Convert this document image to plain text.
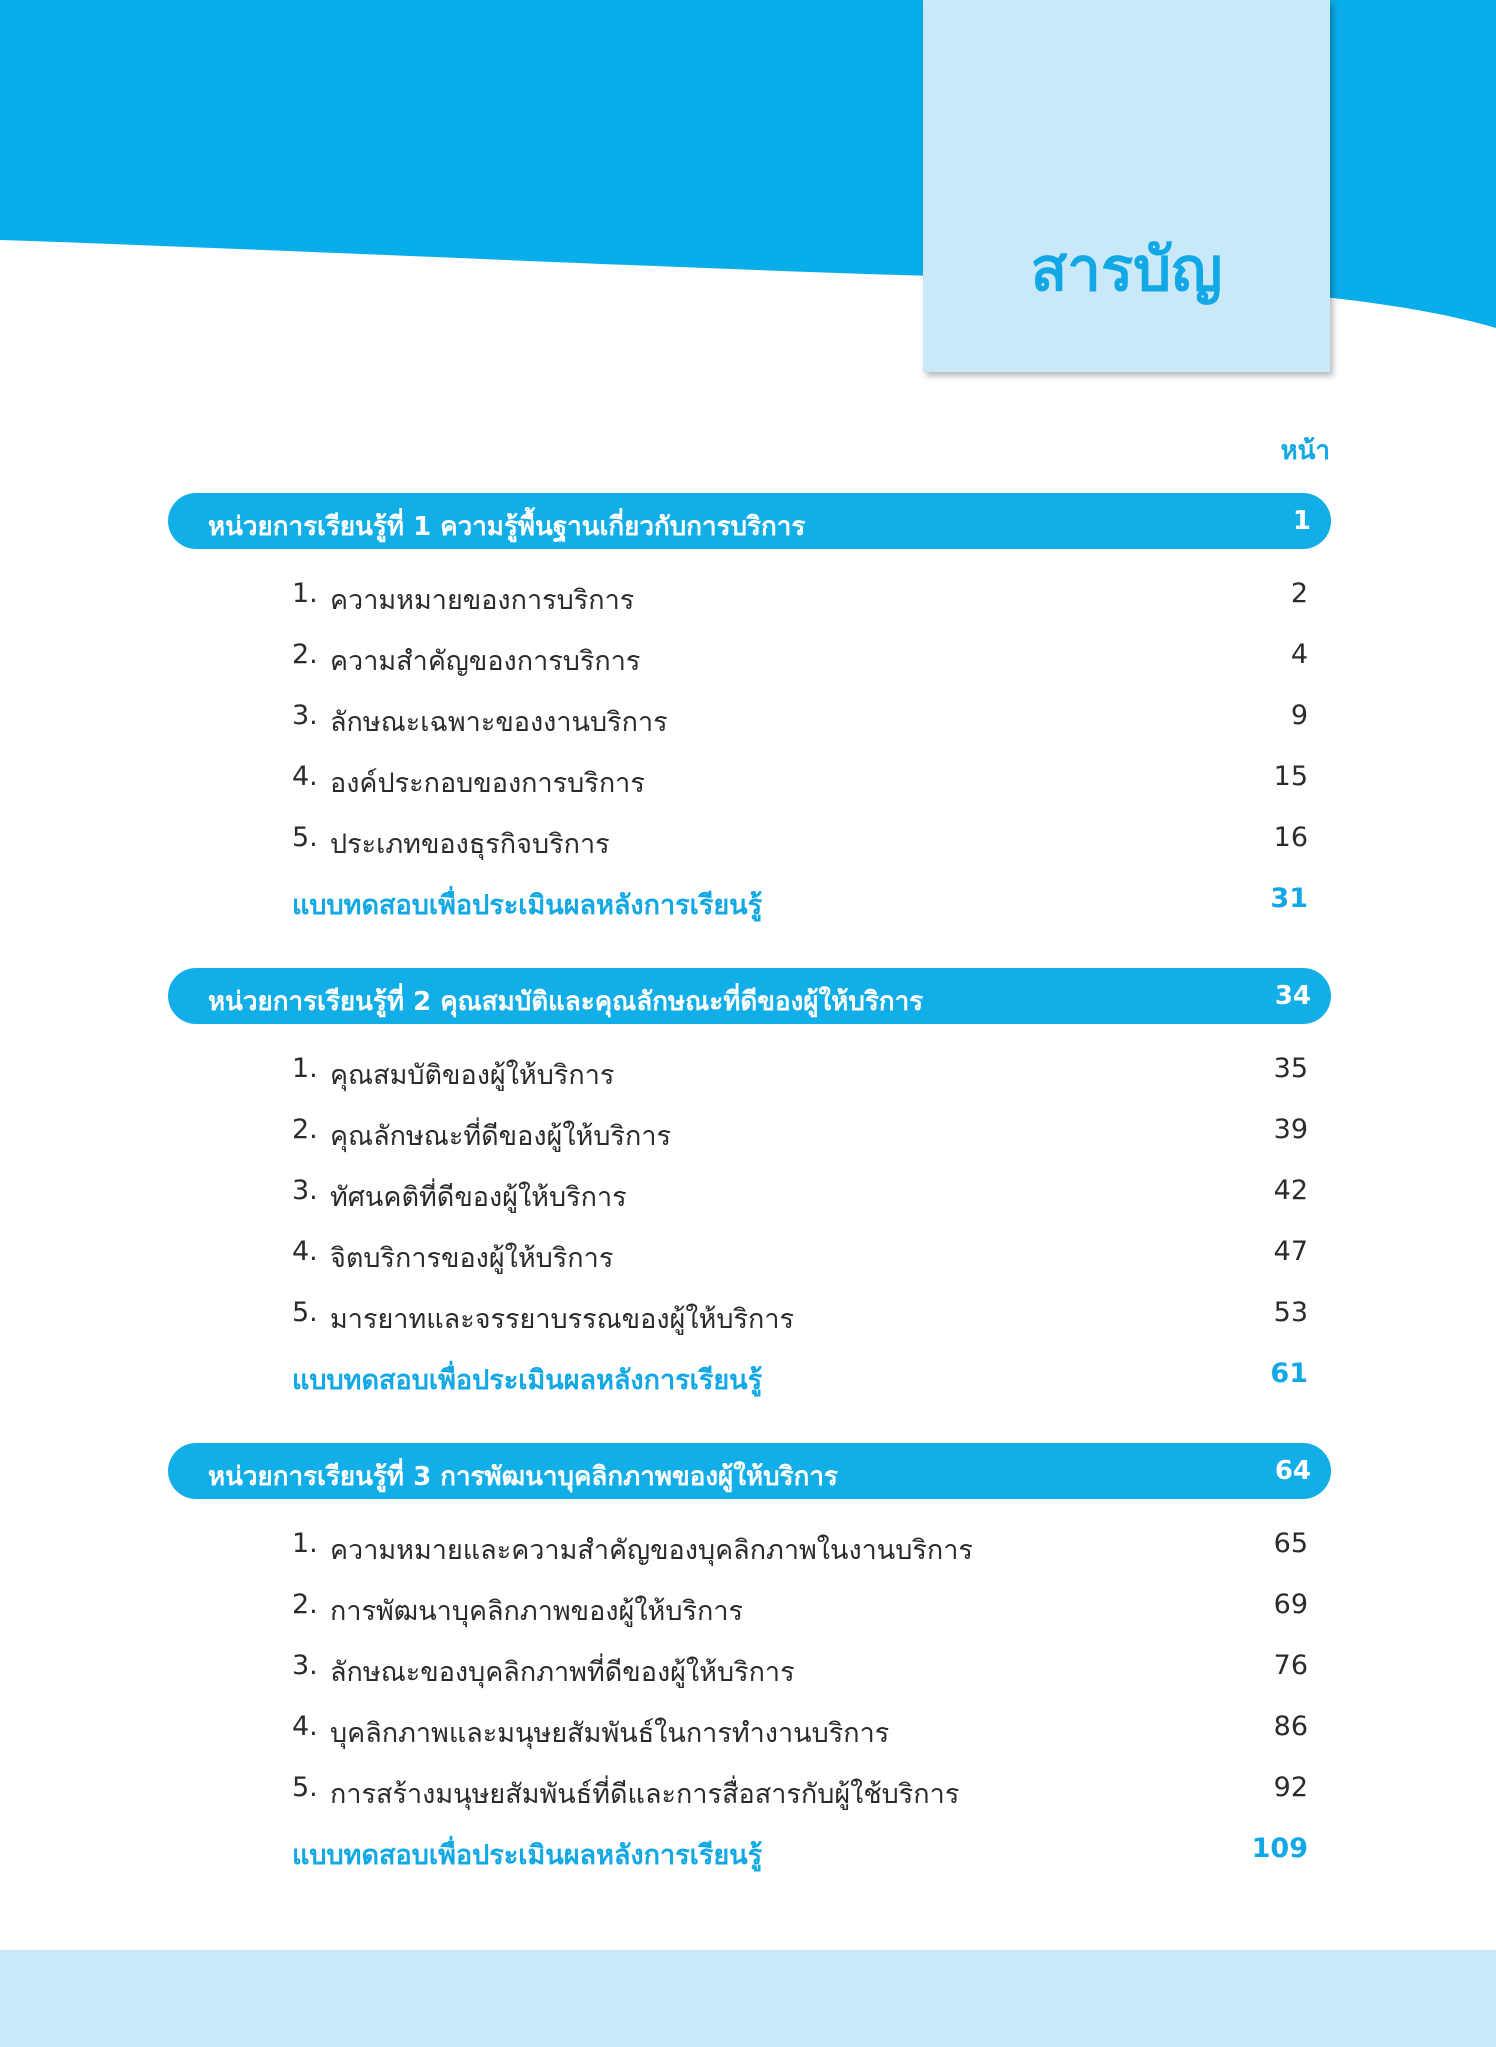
สารบัญ
หน้า
หน่วยการเรียนรู้ที่ 1 ความรู้พื้นฐานเกี่ยวกับการบริการ	1
1. ความหมายของการบริการ	2
2. ความสำคัญของการบริการ	4
3. ลักษณะเฉพาะของงานบริการ	9
4. องค์ประกอบของการบริการ	15
5. ประเภทของธุรกิจบริการ	16
แบบทดสอบเพื่อประเมินผลหลังการเรียนรู้	31
หน่วยการเรียนรู้ที่ 2 คุณสมบัติและคุณลักษณะที่ดีของผู้ให้บริการ	34
1. คุณสมบัติของผู้ให้บริการ	35
2. คุณลักษณะที่ดีของผู้ให้บริการ	39
3. ทัศนคติที่ดีของผู้ให้บริการ	42
4. จิตบริการของผู้ให้บริการ	47
5. มารยาทและจรรยาบรรณของผู้ให้บริการ	53
แบบทดสอบเพื่อประเมินผลหลังการเรียนรู้	61
หน่วยการเรียนรู้ที่ 3 การพัฒนาบุคลิกภาพของผู้ให้บริการ	64
1. ความหมายและความสำคัญของบุคลิกภาพในงานบริการ	65
2. การพัฒนาบุคลิกภาพของผู้ให้บริการ	69
3. ลักษณะของบุคลิกภาพที่ดีของผู้ให้บริการ	76
4. บุคลิกภาพและมนุษยสัมพันธ์ในการทำงานบริการ	86
5. การสร้างมนุษยสัมพันธ์ที่ดีและการสื่อสารกับผู้ใช้บริการ	92
แบบทดสอบเพื่อประเมินผลหลังการเรียนรู้	109
